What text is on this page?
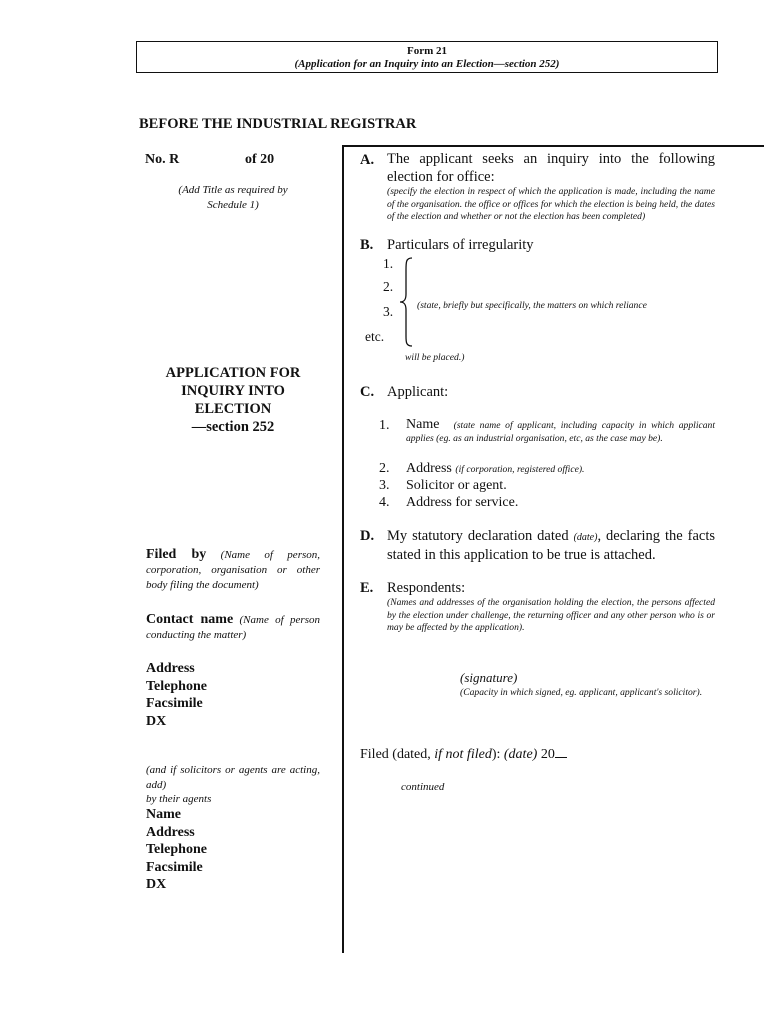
Form 21
(Application for an Inquiry into an Election—section 252)
BEFORE THE INDUSTRIAL REGISTRAR
No. R	of 20
(Add Title as required by Schedule 1)
APPLICATION FOR
INQUIRY INTO
ELECTION
—section 252
Filed by (Name of person, corporation, organisation or other body filing the document)
Contact name (Name of person conducting the matter)
Address
Telephone
Facsimile
DX
(and if solicitors or agents are acting, add)
by their agents
Name
Address
Telephone
Facsimile
DX
A. The applicant seeks an inquiry into the following election for office:
(specify the election in respect of which the application is made, including the name of the organisation. the office or offices for which the election is being held, the dates of the election and whether or not the election has been completed)
B. Particulars of irregularity
1.
2.
3.
etc.
(state, briefly but specifically, the matters on which reliance
will be placed.)
C. Applicant:
1. Name (state name of applicant, including capacity in which applicant applies (eg. as an industrial organisation, etc, as the case may be).
2. Address (if corporation, registered office).
3. Solicitor or agent.
4. Address for service.
D. My statutory declaration dated (date), declaring the facts stated in this application to be true is attached.
E. Respondents:
(Names and addresses of the organisation holding the election, the persons affected by the election under challenge, the returning officer and any other person who is or may be affected by the application).
(signature)
(Capacity in which signed, eg. applicant, applicant's solicitor).
Filed (dated, if not filed): (date) 20
continued
